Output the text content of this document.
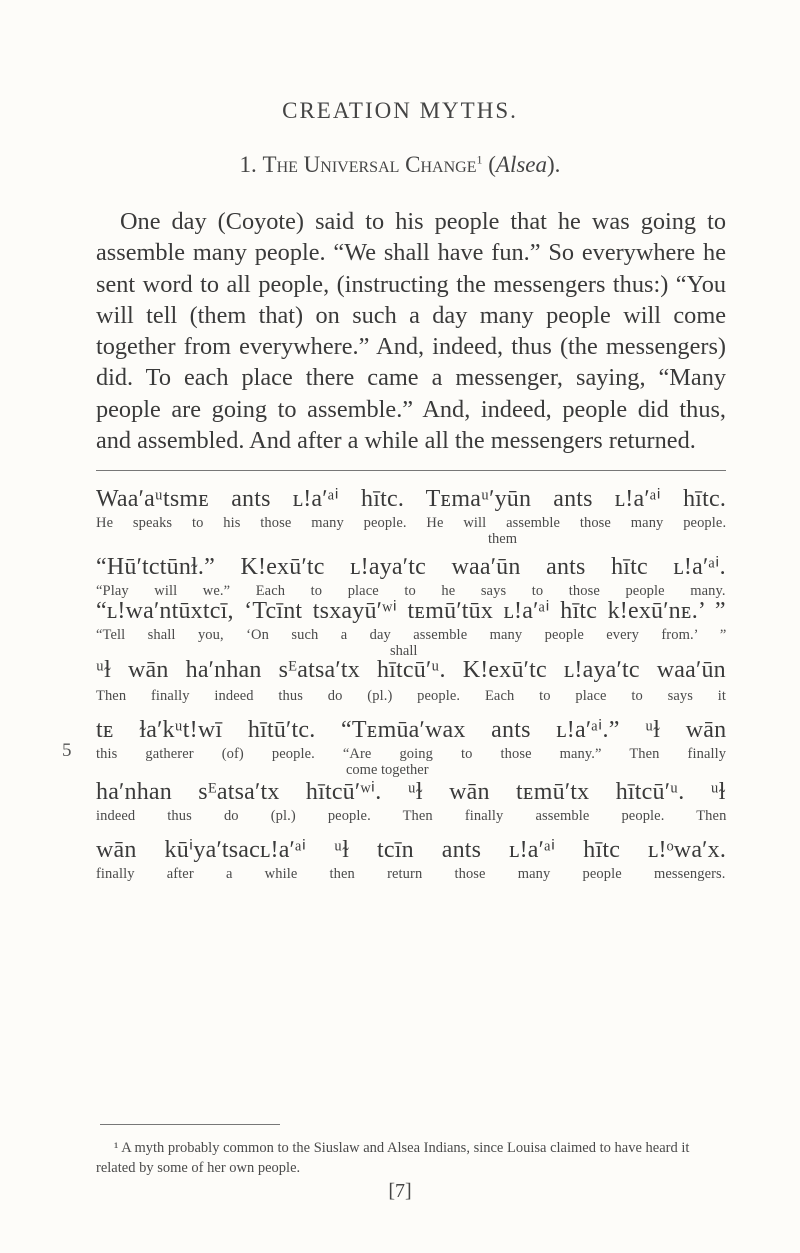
CREATION MYTHS.
1. The Universal Change$^1$ (Alsea).

One day (Coyote) said to his people that he was going to assemble many people. “We shall have fun.” So everywhere he sent word to all people, (instructing the messengers thus:) “You will tell (them that) on such a day many people will come together from everywhere.” And, indeed, thus (the messengers) did. To each place there came a messenger, saying, “Many people are going to assemble.” And, indeed, people did thus, and assembled. And after a while all the messengers returned.

5
Waaʹaᵘtsmᴇ ants ʟ!aʹᵃⁱ hītc. Tᴇmaᵘʹyūn ants ʟ!aʹᵃⁱ hītc.
He speaks to his those many people. He will assemble those many people.
them
“Hūʹtctūnɫ.” K!exūʹtc ʟ!ayaʹtc waaʹūn ants hītc ʟ!aʹᵃⁱ.
“Play will we.” Each to place to he says to those people many.
“ʟ!waʹntūxtcī, ‘Tcīnt tsxayūʹʷⁱ tᴇmūʹtūx ʟ!aʹᵃⁱ hītc k!exūʹnᴇ.’ ”
“Tell shall you, ‘On such a day assemble many people every from.’ ”
shall
ᵘɫ wān haʹnhan sᴱatsaʹtx hītcūʹᵘ. K!exūʹtc ʟ!ayaʹtc waaʹūn
Then finally indeed thus do (pl.) people. Each to place to says it
tᴇ ɫaʹkᵘt!wī hītūʹtc. “Tᴇmūaʹwax ants ʟ!aʹᵃⁱ.” ᵘɫ wān
this gatherer (of) people. “Are going to those many.” Then finally
come together
haʹnhan sᴱatsaʹtx hītcūʹʷⁱ. ᵘɫ wān tᴇmūʹtx hītcūʹᵘ. ᵘɫ
indeed thus do (pl.) people. Then finally assemble people. Then
wān kūⁱyaʹtsacʟ!aʹᵃⁱ ᵘɫ tcīn ants ʟ!aʹᵃⁱ hītc ʟ!ᵒwaʹx.
finally after a while then return those many people messengers.
¹ A myth probably common to the Siuslaw and Alsea Indians, since Louisa claimed to have heard it related by some of her own people.
[7]
